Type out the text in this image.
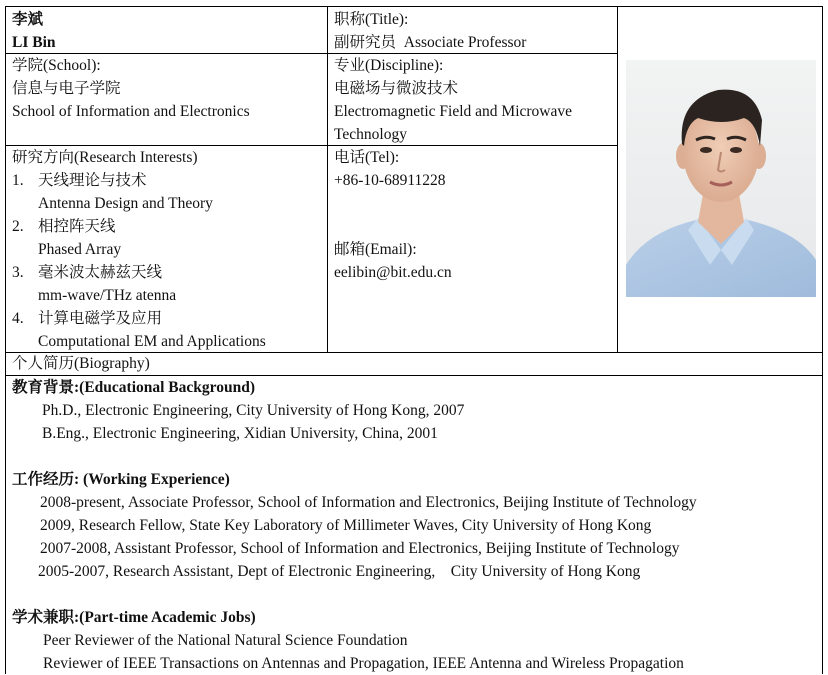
李斌
LI Bin
职称(Title):
副研究员  Associate Professor
学院(School):
信息与电子学院
School of Information and Electronics
专业(Discipline):
电磁场与微波技术
Electromagnetic Field and Microwave
Technology
研究方向(Research Interests)
1. 天线理论与技术
Antenna Design and Theory
2. 相控阵天线
Phased Array
3. 毫米波太赫兹天线
mm-wave/THz atenna
4. 计算电磁学及应用
Computational EM and Applications
电话(Tel):
+86-10-68911228
邮箱(Email):
eelibin@bit.edu.cn
个人简历(Biography)
教育背景:(Educational Background)
Ph.D., Electronic Engineering, City University of Hong Kong, 2007
B.Eng., Electronic Engineering, Xidian University, China, 2001

工作经历: (Working Experience)
2008-present, Associate Professor, School of Information and Electronics, Beijing Institute of Technology
2009, Research Fellow, State Key Laboratory of Millimeter Waves, City University of Hong Kong
2007-2008, Assistant Professor, School of Information and Electronics, Beijing Institute of Technology
2005-2007, Research Assistant, Dept of Electronic Engineering,    City University of Hong Kong

学术兼职:(Part-time Academic Jobs)
Peer Reviewer of the National Natural Science Foundation
Reviewer of IEEE Transactions on Antennas and Propagation, IEEE Antenna and Wireless Propagation
